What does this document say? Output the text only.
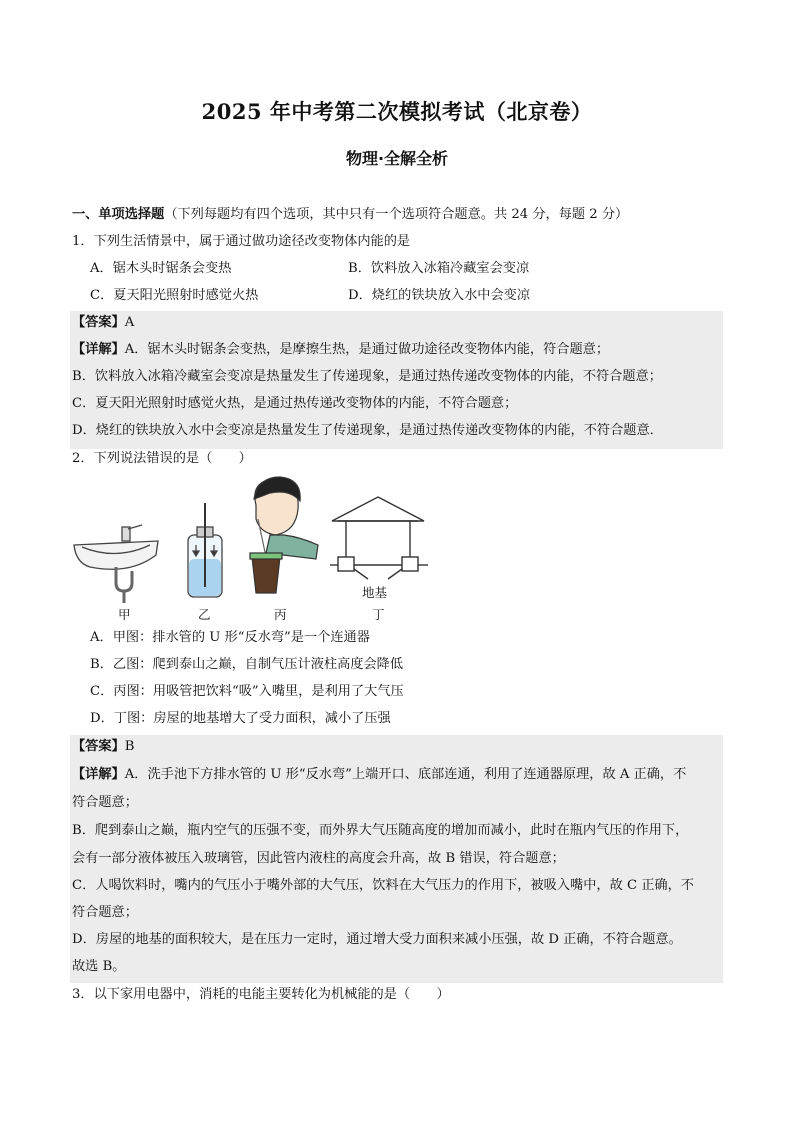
2025 年中考第二次模拟考试（北京卷）
物理·全解全析
一、单项选择题（下列每题均有四个选项，其中只有一个选项符合题意。共 24 分，每题 2 分）
1．下列生活情景中，属于通过做功途径改变物体内能的是
A．锯木头时锯条会变热	B．饮料放入冰箱冷藏室会变凉
C．夏天阳光照射时感觉火热	D．烧红的铁块放入水中会变凉
【答案】A
【详解】A．锯木头时锯条会变热，是摩擦生热，是通过做功途径改变物体内能，符合题意；
B．饮料放入冰箱冷藏室会变凉是热量发生了传递现象，是通过热传递改变物体的内能，不符合题意；
C．夏天阳光照射时感觉火热，是通过热传递改变物体的内能，不符合题意；
D．烧红的铁块放入水中会变凉是热量发生了传递现象，是通过热传递改变物体的内能，不符合题意．
2．下列说法错误的是（　　）
地基
甲	乙	丙	丁
A．甲图：排水管的 U 形“反水弯”是一个连通器
B．乙图：爬到泰山之巅，自制气压计液柱高度会降低
C．丙图：用吸管把饮料“吸”入嘴里，是利用了大气压
D．丁图：房屋的地基增大了受力面积，减小了压强
【答案】B
【详解】A．洗手池下方排水管的 U 形“反水弯”上端开口、底部连通，利用了连通器原理，故 A 正确，不
符合题意；
B．爬到泰山之巅，瓶内空气的压强不变，而外界大气压随高度的增加而减小，此时在瓶内气压的作用下，
会有一部分液体被压入玻璃管，因此管内液柱的高度会升高，故 B 错误，符合题意；
C．人喝饮料时，嘴内的气压小于嘴外部的大气压，饮料在大气压力的作用下，被吸入嘴中，故 C 正确，不
符合题意；
D．房屋的地基的面积较大，是在压力一定时，通过增大受力面积来减小压强，故 D 正确，不符合题意。
故选 B。
3．以下家用电器中，消耗的电能主要转化为机械能的是（　　）
